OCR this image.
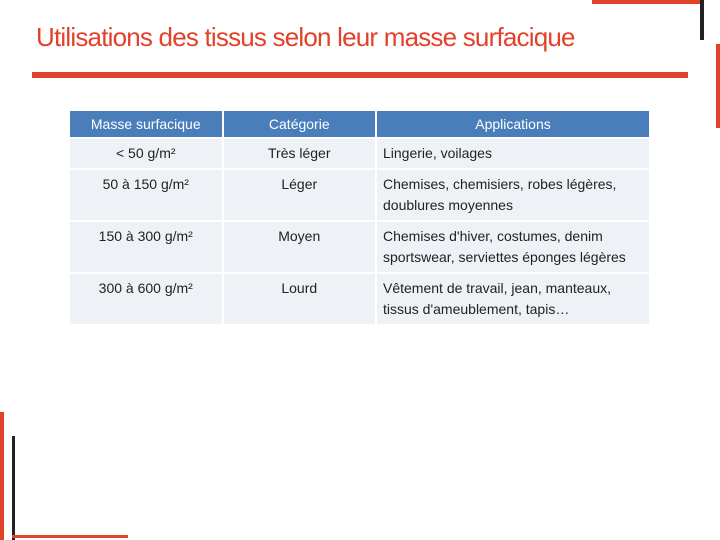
Utilisations des tissus selon leur masse surfacique
Masse surfacique	Catégorie	Applications
< 50 g/m²	Très léger	Lingerie, voilages
50 à 150 g/m²	Léger	Chemises, chemisiers, robes légères, doublures moyennes
150 à 300 g/m²	Moyen	Chemises d'hiver, costumes, denim sportswear, serviettes éponges légères
300 à 600 g/m²	Lourd	Vêtement de travail, jean, manteaux, tissus d'ameublement, tapis…
